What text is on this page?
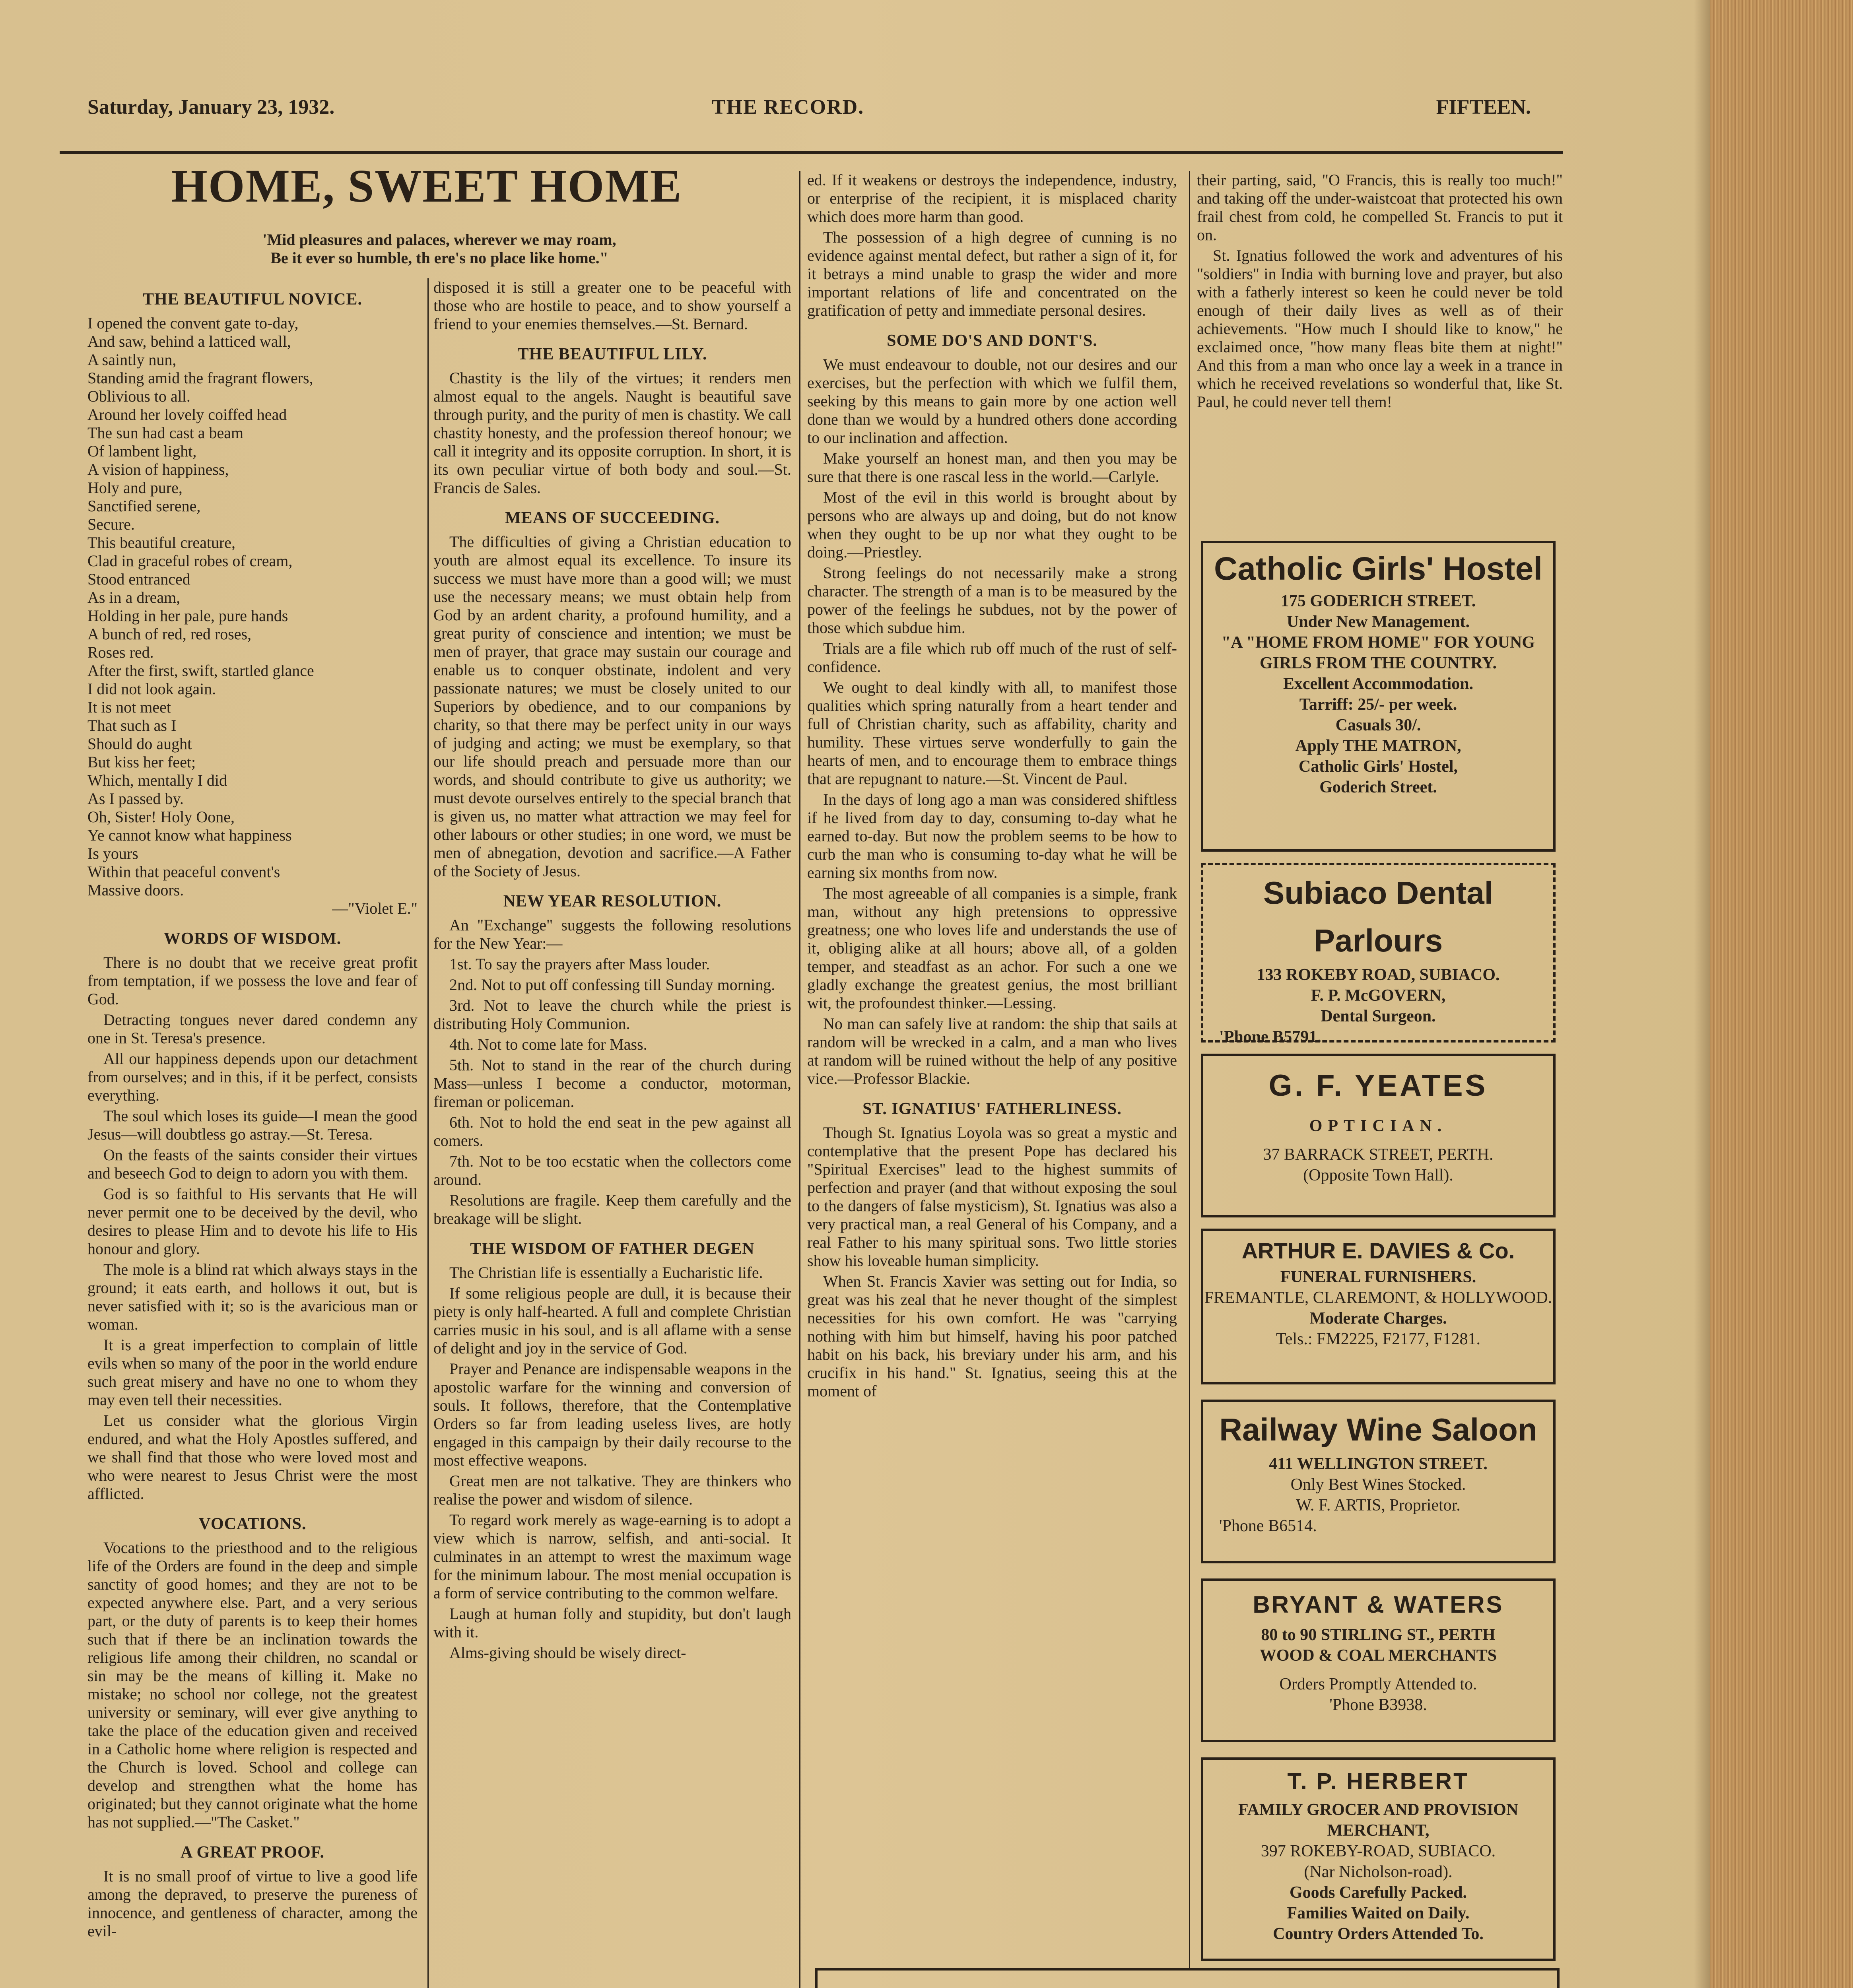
Saturday, January 23, 1932.	THE RECORD.	FIFTEEN.
HOME, SWEET HOME
'Mid pleasures and palaces, wherever we may roam,
Be it ever so humble, th ere's no place like home."
THE BEAUTIFUL NOVICE.
I opened the convent gate to-day,
And saw, behind a latticed wall,
A saintly nun,
Standing amid the fragrant flowers,
Oblivious to all.
Around her lovely coiffed head
The sun had cast a beam
Of lambent light,
A vision of happiness,
Holy and pure,
Sanctified serene,
Secure.
This beautiful creature,
Clad in graceful robes of cream,
Stood entranced
As in a dream,
Holding in her pale, pure hands
A bunch of red, red roses,
Roses red.
After the first, swift, startled glance
I did not look again.
It is not meet
That such as I
Should do aught
But kiss her feet;
Which, mentally I did
As I passed by.
Oh, Sister! Holy Oone,
Ye cannot know what happiness
Is yours
Within that peaceful convent's
Massive doors.
—"Violet E."
WORDS OF WISDOM.

There is no doubt that we receive great profit from temptation, if we possess the love and fear of God.

Detracting tongues never dared condemn any one in St. Teresa's presence.

All our happiness depends upon our detachment from ourselves; and in this, if it be perfect, consists everything.

The soul which loses its guide—I mean the good Jesus—will doubtless go astray.—St. Teresa.

On the feasts of the saints consider their virtues and beseech God to deign to adorn you with them.

God is so faithful to His servants that He will never permit one to be deceived by the devil, who desires to please Him and to devote his life to His honour and glory.

The mole is a blind rat which always stays in the ground; it eats earth, and hollows it out, but is never satisfied with it; so is the avaricious man or woman.

It is a great imperfection to complain of little evils when so many of the poor in the world endure such great misery and have no one to whom they may even tell their necessities.

Let us consider what the glorious Virgin endured, and what the Holy Apostles suffered, and we shall find that those who were loved most and who were nearest to Jesus Christ were the most afflicted.

VOCATIONS.

Vocations to the priesthood and to the religious life of the Orders are found in the deep and simple sanctity of good homes; and they are not to be expected anywhere else. Part, and a very serious part, or the duty of parents is to keep their homes such that if there be an inclination towards the religious life among their children, no scandal or sin may be the means of killing it. Make no mistake; no school nor college, not the greatest university or seminary, will ever give anything to take the place of the education given and received in a Catholic home where religion is respected and the Church is loved. School and college can develop and strengthen what the home has originated; but they cannot originate what the home has not supplied.—"The Casket."

A GREAT PROOF.

It is no small proof of virtue to live a good life among the depraved, to preserve the pureness of innocence, and gentleness of character, among the evil-

disposed it is still a greater one to be peaceful with those who are hostile to peace, and to show yourself a friend to your enemies themselves.—St. Bernard.

THE BEAUTIFUL LILY.

Chastity is the lily of the virtues; it renders men almost equal to the angels. Naught is beautiful save through purity, and the purity of men is chastity. We call chastity honesty, and the profession thereof honour; we call it integrity and its opposite corruption. In short, it is its own peculiar virtue of both body and soul.—St. Francis de Sales.

MEANS OF SUCCEEDING.

The difficulties of giving a Christian education to youth are almost equal its excellence. To insure its success we must have more than a good will; we must use the necessary means; we must obtain help from God by an ardent charity, a profound humility, and a great purity of conscience and intention; we must be men of prayer, that grace may sustain our courage and enable us to conquer obstinate, indolent and very passionate natures; we must be closely united to our Superiors by obedience, and to our companions by charity, so that there may be perfect unity in our ways of judging and acting; we must be exemplary, so that our life should preach and persuade more than our words, and should contribute to give us authority; we must devote ourselves entirely to the special branch that is given us, no matter what attraction we may feel for other labours or other studies; in one word, we must be men of abnegation, devotion and sacrifice.—A Father of the Society of Jesus.

NEW YEAR RESOLUTION.

An "Exchange" suggests the following resolutions for the New Year:—

1st. To say the prayers after Mass louder.

2nd. Not to put off confessing till Sunday morning.

3rd. Not to leave the church while the priest is distributing Holy Communion.

4th. Not to come late for Mass.

5th. Not to stand in the rear of the church during Mass—unless I become a conductor, motorman, fireman or policeman.

6th. Not to hold the end seat in the pew against all comers.

7th. Not to be too ecstatic when the collectors come around.

Resolutions are fragile. Keep them carefully and the breakage will be slight.

THE WISDOM OF FATHER DEGEN

The Christian life is essentially a Eucharistic life.

If some religious people are dull, it is because their piety is only half-hearted. A full and complete Christian carries music in his soul, and is all aflame with a sense of delight and joy in the service of God.

Prayer and Penance are indispensable weapons in the apostolic warfare for the winning and conversion of souls. It follows, therefore, that the Contemplative Orders so far from leading useless lives, are hotly engaged in this campaign by their daily recourse to the most effective weapons.

Great men are not talkative. They are thinkers who realise the power and wisdom of silence.

To regard work merely as wage-earning is to adopt a view which is narrow, selfish, and anti-social. It culminates in an attempt to wrest the maximum wage for the minimum labour. The most menial occupation is a form of service contributing to the common welfare.

Laugh at human folly and stupidity, but don't laugh with it.

Alms-giving should be wisely direct-

ed. If it weakens or destroys the independence, industry, or enterprise of the recipient, it is misplaced charity which does more harm than good.

The possession of a high degree of cunning is no evidence against mental defect, but rather a sign of it, for it betrays a mind unable to grasp the wider and more important relations of life and concentrated on the gratification of petty and immediate personal desires.

SOME DO'S AND DONT'S.

We must endeavour to double, not our desires and our exercises, but the perfection with which we fulfil them, seeking by this means to gain more by one action well done than we would by a hundred others done according to our inclination and affection.

Make yourself an honest man, and then you may be sure that there is one rascal less in the world.—Carlyle.

Most of the evil in this world is brought about by persons who are always up and doing, but do not know when they ought to be up nor what they ought to be doing.—Priestley.

Strong feelings do not necessarily make a strong character. The strength of a man is to be measured by the power of the feelings he subdues, not by the power of those which subdue him.

Trials are a file which rub off much of the rust of self-confidence.

We ought to deal kindly with all, to manifest those qualities which spring naturally from a heart tender and full of Christian charity, such as affability, charity and humility. These virtues serve wonderfully to gain the hearts of men, and to encourage them to embrace things that are repugnant to nature.—St. Vincent de Paul.

In the days of long ago a man was considered shiftless if he lived from day to day, consuming to-day what he earned to-day. But now the problem seems to be how to curb the man who is consuming to-day what he will be earning six months from now.

The most agreeable of all companies is a simple, frank man, without any high pretensions to oppressive greatness; one who loves life and understands the use of it, obliging alike at all hours; above all, of a golden temper, and steadfast as an achor. For such a one we gladly exchange the greatest genius, the most brilliant wit, the profoundest thinker.—Lessing.

No man can safely live at random: the ship that sails at random will be wrecked in a calm, and a man who lives at random will be ruined without the help of any positive vice.—Professor Blackie.

ST. IGNATIUS' FATHERLINESS.

Though St. Ignatius Loyola was so great a mystic and contemplative that the present Pope has declared his "Spiritual Exercises" lead to the highest summits of perfection and prayer (and that without exposing the soul to the dangers of false mysticism), St. Ignatius was also a very practical man, a real General of his Company, and a real Father to his many spiritual sons. Two little stories show his loveable human simplicity.

When St. Francis Xavier was setting out for India, so great was his zeal that he never thought of the simplest necessities for his own comfort. He was "carrying nothing with him but himself, having his poor patched habit on his back, his breviary under his arm, and his crucifix in his hand." St. Ignatius, seeing this at the moment of

their parting, said, "O Francis, this is really too much!" and taking off the under-waistcoat that protected his own frail chest from cold, he compelled St. Francis to put it on.

St. Ignatius followed the work and adventures of his "soldiers" in India with burning love and prayer, but also with a fatherly interest so keen he could never be told enough of their daily lives as well as of their achievements. "How much I should like to know," he exclaimed once, "how many fleas bite them at night!" And this from a man who once lay a week in a trance in which he received revelations so wonderful that, like St. Paul, he could never tell them!

Catholic Girls' Hostel
175 GODERICH STREET.
Under New Management.
"A "HOME FROM HOME" FOR YOUNG GIRLS FROM THE COUNTRY.
Excellent Accommodation.
Tarriff: 25/- per week.
Casuals 30/.
Apply THE MATRON,
Catholic Girls' Hostel,
Goderich Street.
Subiaco Dental Parlours
133 ROKEBY ROAD, SUBIACO.
F. P. McGOVERN,
Dental Surgeon.
'Phone B5791.
G. F. YEATES
OPTICIAN.
37 BARRACK STREET, PERTH.
(Opposite Town Hall).
ARTHUR E. DAVIES & Co.
FUNERAL FURNISHERS.
FREMANTLE, CLAREMONT, & HOLLYWOOD.
Moderate Charges.
Tels.: FM2225, F2177, F1281.
Railway Wine Saloon
411 WELLINGTON STREET.
Only Best Wines Stocked.
W. F. ARTIS, Proprietor.
'Phone B6514.
BRYANT & WATERS
80 to 90 STIRLING ST., PERTH
WOOD & COAL MERCHANTS
Orders Promptly Attended to.
'Phone B3938.
T. P. HERBERT
FAMILY GROCER AND PROVISION MERCHANT,
397 ROKEBY-ROAD, SUBIACO.
(Nar Nicholson-road).
Goods Carefully Packed.
Families Waited on Daily.
Country Orders Attended To.
